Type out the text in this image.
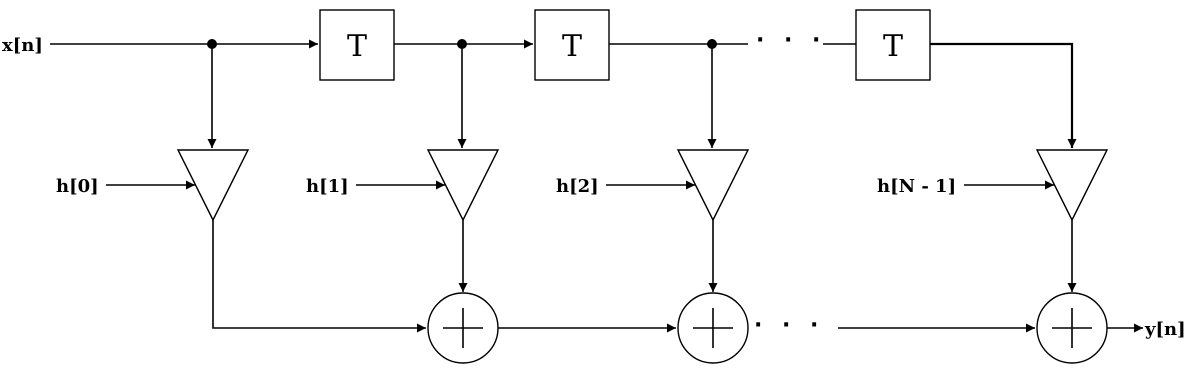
x[n]	T	T	· · · T
h[0]	h[1]	h[2]	h[N - 1]
· · ·	y[n]
